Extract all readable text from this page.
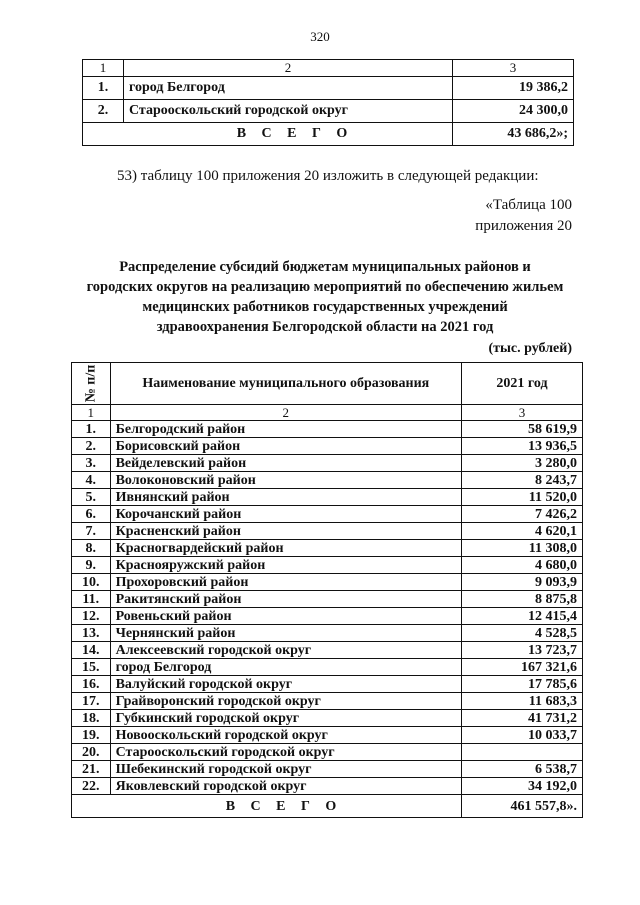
320
1	2	3
1.	город Белгород	19 386,2
2.	Старооскольский городской округ	24 300,0
В С Е Г О		43 686,2»;
53) таблицу 100 приложения 20 изложить в следующей редакции:
«Таблица 100
приложения 20
Распределение субсидий бюджетам муниципальных районов и
городских округов на реализацию мероприятий по обеспечению жильем
медицинских работников государственных учреждений
здравоохранения Белгородской области на 2021 год
(тыс. рублей)
№ п/п	Наименование муниципального образования	2021 год
1	2	3
1.	Белгородский район	58 619,9
2.	Борисовский район	13 936,5
3.	Вейделевский район	3 280,0
4.	Волоконовский район	8 243,7
5.	Ивнянский район	11 520,0
6.	Корочанский район	7 426,2
7.	Красненский район	4 620,1
8.	Красногвардейский район	11 308,0
9.	Краснояружский район	4 680,0
10.	Прохоровский район	9 093,9
11.	Ракитянский район	8 875,8
12.	Ровеньский район	12 415,4
13.	Чернянский район	4 528,5
14.	Алексеевский городской округ	13 723,7
15.	город Белгород	167 321,6
16.	Валуйский городской округ	17 785,6
17.	Грайворонский городской округ	11 683,3
18.	Губкинский городской округ	41 731,2
19.	Новооскольский городской округ	10 033,7
20.	Старооскольский городской округ	
21.	Шебекинский городской округ	6 538,7
22.	Яковлевский городской округ	34 192,0
В С Е Г О		461 557,8».
